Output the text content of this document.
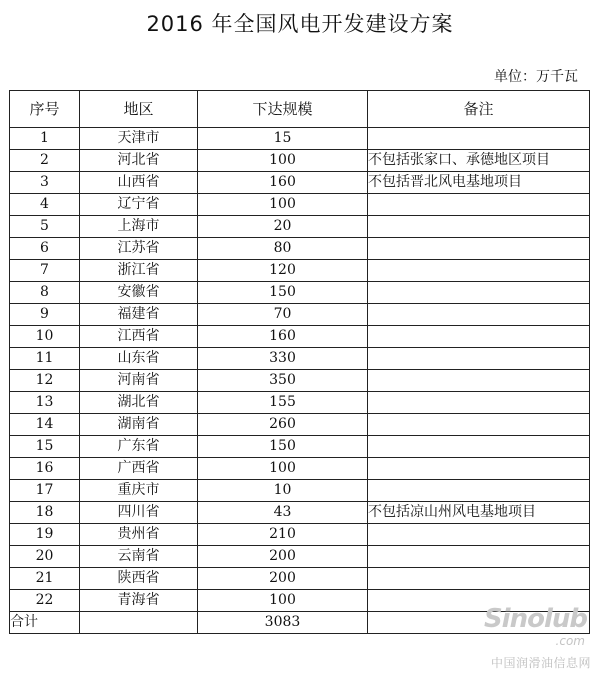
2016 年全国风电开发建设方案
单位：万千瓦
序号	地区	下达规模	备注
1	天津市	15	
2	河北省	100	不包括张家口、承德地区项目
3	山西省	160	不包括晋北风电基地项目
4	辽宁省	100	
5	上海市	20	
6	江苏省	80	
7	浙江省	120	
8	安徽省	150	
9	福建省	70	
10	江西省	160	
11	山东省	330	
12	河南省	350	
13	湖北省	155	
14	湖南省	260	
15	广东省	150	
16	广西省	100	
17	重庆市	10	
18	四川省	43	不包括凉山州风电基地项目
19	贵州省	210	
20	云南省	200	
21	陕西省	200	
22	青海省	100	
合计		3083		Sinolub
.com
中国润滑油信息网
